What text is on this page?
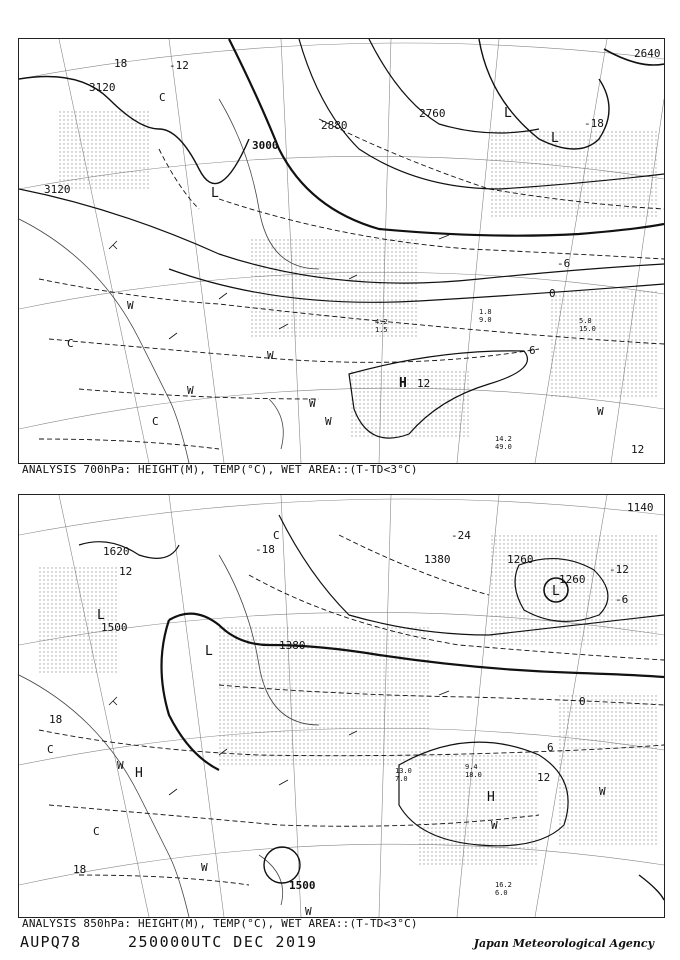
3120
3120
3000
2880
2760
2640
-12
-6
0
6
12
18
12
-18
L
L
L
H
C
C
C
W
W
W
W
W
W
14.2
49.0
1.8
9.0	5.8
15.0
4.2
1.5
ANALYSIS 700hPa: HEIGHT(M), TEMP(°C), WET AREA::(T-TD<3°C)
1620
1500
1380
1380	1260
1260
1140
1500
18
12
6
0
-6
-12
-18
-24
12
18
L
L
L
H
H
C
C
C
W
W
W
W
W
16.2
6.0
9.4
18.0
13.0
7.0
ANALYSIS 850hPa: HEIGHT(M), TEMP(°C), WET AREA::(T-TD<3°C)
AUPQ78	250000UTC DEC 2019	Japan Meteorological Agency
